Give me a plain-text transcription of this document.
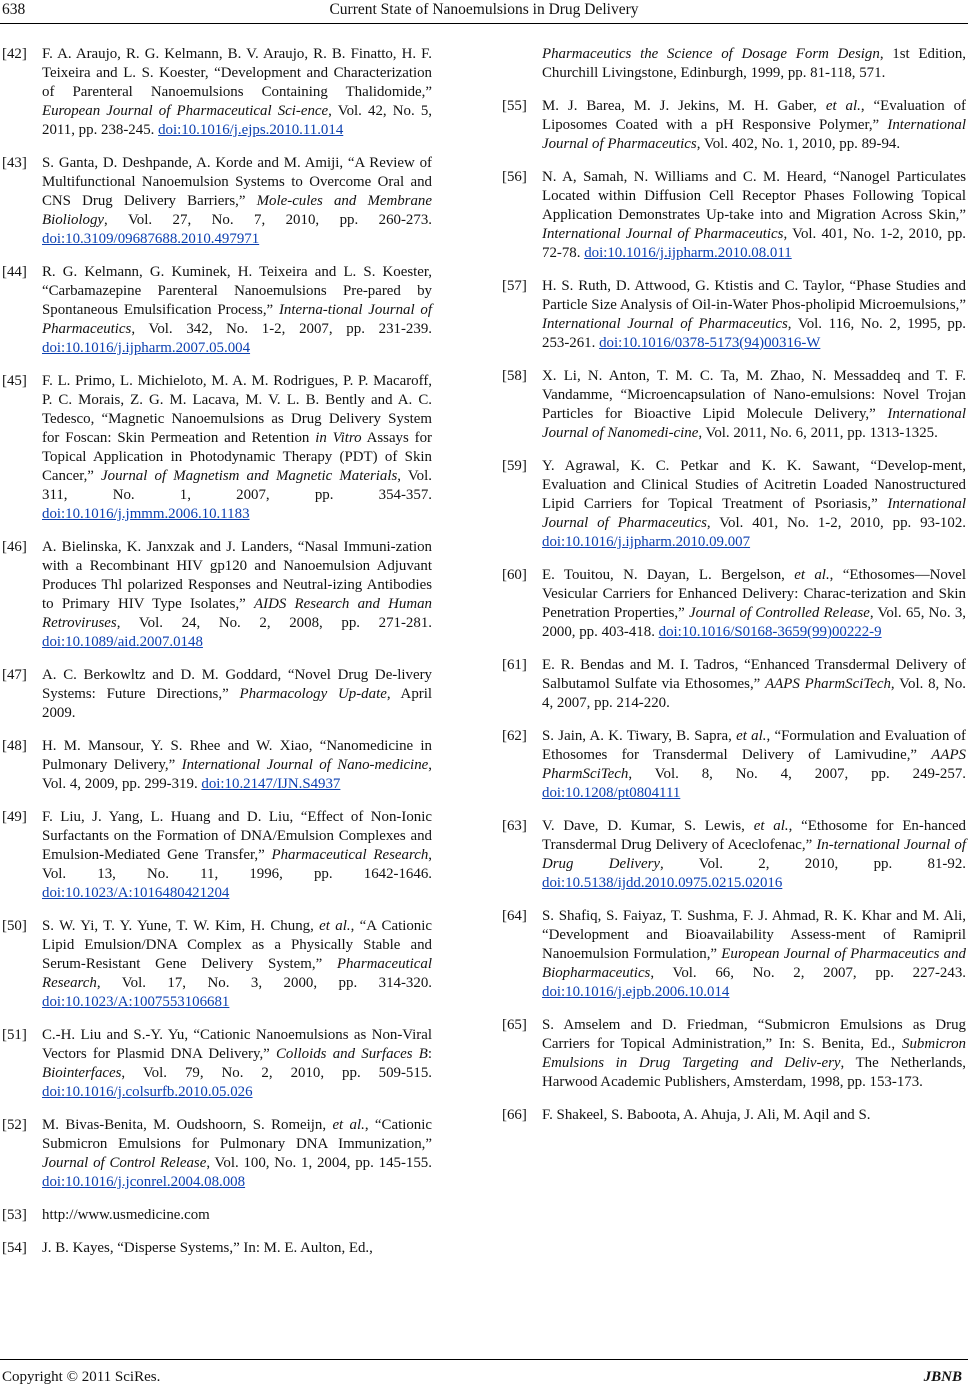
638	Current State of Nanoemulsions in Drug Delivery
[42]	F. A. Araujo, R. G. Kelmann, B. V. Araujo, R. B. Finatto, H. F. Teixeira and L. S. Koester, “Development and Characterization of Parenteral Nanoemulsions Containing Thalidomide,” European Journal of Pharmaceutical Sci-ence, Vol. 42, No. 5, 2011, pp. 238-245. doi:10.1016/j.ejps.2010.11.014
[43]	S. Ganta, D. Deshpande, A. Korde and M. Amiji, “A Review of Multifunctional Nanoemulsion Systems to Overcome Oral and CNS Drug Delivery Barriers,” Mole-cules and Membrane Bioliology, Vol. 27, No. 7, 2010, pp. 260-273. doi:10.3109/09687688.2010.497971
[44]	R. G. Kelmann, G. Kuminek, H. Teixeira and L. S. Koester, “Carbamazepine Parenteral Nanoemulsions Pre-pared by Spontaneous Emulsification Process,” Interna-tional Journal of Pharmaceutics, Vol. 342, No. 1-2, 2007, pp. 231-239. doi:10.1016/j.ijpharm.2007.05.004
[45]	F. L. Primo, L. Michieloto, M. A. M. Rodrigues, P. P. Macaroff, P. C. Morais, Z. G. M. Lacava, M. V. L. B. Bently and A. C. Tedesco, “Magnetic Nanoemulsions as Drug Delivery System for Foscan: Skin Permeation and Retention in Vitro Assays for Topical Application in Photodynamic Therapy (PDT) of Skin Cancer,” Journal of Magnetism and Magnetic Materials, Vol. 311, No. 1, 2007, pp. 354-357. doi:10.1016/j.jmmm.2006.10.1183
[46]	A. Bielinska, K. Janxzak and J. Landers, “Nasal Immuni-zation with a Recombinant HIV gp120 and Nanoemulsion Adjuvant Produces Thl polarized Responses and Neutral-izing Antibodies to Primary HIV Type Isolates,” AIDS Research and Human Retroviruses, Vol. 24, No. 2, 2008, pp. 271-281. doi:10.1089/aid.2007.0148
[47]	A. C. Berkowltz and D. M. Goddard, “Novel Drug De-livery Systems: Future Directions,” Pharmacology Up-date, April 2009.
[48]	H. M. Mansour, Y. S. Rhee and W. Xiao, “Nanomedicine in Pulmonary Delivery,” International Journal of Nano-medicine, Vol. 4, 2009, pp. 299-319. doi:10.2147/IJN.S4937
[49]	F. Liu, J. Yang, L. Huang and D. Liu, “Effect of Non-Ionic Surfactants on the Formation of DNA/Emulsion Complexes and Emulsion-Mediated Gene Transfer,” Pharmaceutical Research, Vol. 13, No. 11, 1996, pp. 1642-1646. doi:10.1023/A:1016480421204
[50]	S. W. Yi, T. Y. Yune, T. W. Kim, H. Chung, et al., “A Cationic Lipid Emulsion/DNA Complex as a Physically Stable and Serum-Resistant Gene Delivery System,” Pharmaceutical Research, Vol. 17, No. 3, 2000, pp. 314-320. doi:10.1023/A:1007553106681
[51]	C.-H. Liu and S.-Y. Yu, “Cationic Nanoemulsions as Non-Viral Vectors for Plasmid DNA Delivery,” Colloids and Surfaces B: Biointerfaces, Vol. 79, No. 2, 2010, pp. 509-515. doi:10.1016/j.colsurfb.2010.05.026
[52]	M. Bivas-Benita, M. Oudshoorn, S. Romeijn, et al., “Cationic Submicron Emulsions for Pulmonary DNA Immunization,” Journal of Control Release, Vol. 100, No. 1, 2004, pp. 145-155. doi:10.1016/j.jconrel.2004.08.008
[53]	http://www.usmedicine.com
[54]	J. B. Kayes, “Disperse Systems,” In: M. E. Aulton, Ed.,
Pharmaceutics the Science of Dosage Form Design, 1st Edition, Churchill Livingstone, Edinburgh, 1999, pp. 81-118, 571.
[55]	M. J. Barea, M. J. Jekins, M. H. Gaber, et al., “Evaluation of Liposomes Coated with a pH Responsive Polymer,” International Journal of Pharmaceutics, Vol. 402, No. 1, 2010, pp. 89-94.
[56]	N. A, Samah, N. Williams and C. M. Heard, “Nanogel Particulates Located within Diffusion Cell Receptor Phases Following Topical Application Demonstrates Up-take into and Migration Across Skin,” International Journal of Pharmaceutics, Vol. 401, No. 1-2, 2010, pp. 72-78. doi:10.1016/j.ijpharm.2010.08.011
[57]	H. S. Ruth, D. Attwood, G. Ktistis and C. Taylor, “Phase Studies and Particle Size Analysis of Oil-in-Water Phos-pholipid Microemulsions,” International Journal of Pharmaceutics, Vol. 116, No. 2, 1995, pp. 253-261. doi:10.1016/0378-5173(94)00316-W
[58]	X. Li, N. Anton, T. M. C. Ta, M. Zhao, N. Messaddeq and T. F. Vandamme, “Microencapsulation of Nano-emulsions: Novel Trojan Particles for Bioactive Lipid Molecule Delivery,” International Journal of Nanomedi-cine, Vol. 2011, No. 6, 2011, pp. 1313-1325.
[59]	Y. Agrawal, K. C. Petkar and K. K. Sawant, “Develop-ment, Evaluation and Clinical Studies of Acitretin Loaded Nanostructured Lipid Carriers for Topical Treatment of Psoriasis,” International Journal of Pharmaceutics, Vol. 401, No. 1-2, 2010, pp. 93-102. doi:10.1016/j.ijpharm.2010.09.007
[60]	E. Touitou, N. Dayan, L. Bergelson, et al., “Ethosomes—Novel Vesicular Carriers for Enhanced Delivery: Charac-terization and Skin Penetration Properties,” Journal of Controlled Release, Vol. 65, No. 3, 2000, pp. 403-418. doi:10.1016/S0168-3659(99)00222-9
[61]	E. R. Bendas and M. I. Tadros, “Enhanced Transdermal Delivery of Salbutamol Sulfate via Ethosomes,” AAPS PharmSciTech, Vol. 8, No. 4, 2007, pp. 214-220.
[62]	S. Jain, A. K. Tiwary, B. Sapra, et al., “Formulation and Evaluation of Ethosomes for Transdermal Delivery of Lamivudine,” AAPS PharmSciTech, Vol. 8, No. 4, 2007, pp. 249-257. doi:10.1208/pt0804111
[63]	V. Dave, D. Kumar, S. Lewis, et al., “Ethosome for En-hanced Transdermal Drug Delivery of Aceclofenac,” In-ternational Journal of Drug Delivery, Vol. 2, 2010, pp. 81-92. doi:10.5138/ijdd.2010.0975.0215.02016
[64]	S. Shafiq, S. Faiyaz, T. Sushma, F. J. Ahmad, R. K. Khar and M. Ali, “Development and Bioavailability Assess-ment of Ramipril Nanoemulsion Formulation,” European Journal of Pharmaceutics and Biopharmaceutics, Vol. 66, No. 2, 2007, pp. 227-243. doi:10.1016/j.ejpb.2006.10.014
[65]	S. Amselem and D. Friedman, “Submicron Emulsions as Drug Carriers for Topical Administration,” In: S. Benita, Ed., Submicron Emulsions in Drug Targeting and Deliv-ery, The Netherlands, Harwood Academic Publishers, Amsterdam, 1998, pp. 153-173.
[66]	F. Shakeel, S. Baboota, A. Ahuja, J. Ali, M. Aqil and S.
Copyright © 2011 SciRes.	JBNB
